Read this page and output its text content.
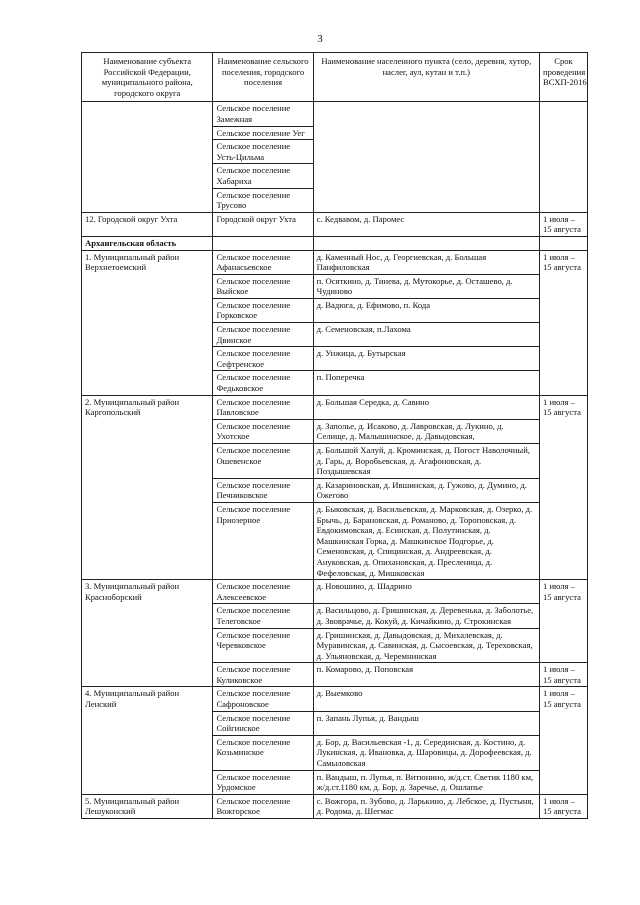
3
Наименование субъекта Российской Федерации, муниципального района, городского округа	Наименование сельского поселения, городского поселения	Наименование населенного пункта (село, деревня, хутор, наслег, аул, кутан и т.п.)	Срок проведения ВСХП-2016
	Сельское поселение Замежная		
	Сельское поселение Уег		
	Сельское поселение Усть-Цильма		
	Сельское поселение Хабариха		
	Сельское поселение Трусово		
12. Городской округ Ухта	Городской округ Ухта	с. Кедвавом, д. Паромес	1 июля – 15 августа
Архангельская область			
1. Муниципальный район Верхнетоемский	Сельское поселение Афанасьевское	д. Каменный Нос, д. Георгиевская, д. Большая Панфиловская	1 июля – 15 августа
	Сельское поселение Выйское	п. Осяткино, д. Тинева, д. Мутокорье, д. Осташево, д. Чудиново	
	Сельское поселение Горковское	д. Вадюга, д. Ефимово, п. Кода	
	Сельское поселение Двинское	д. Семеновская, п.Лахома	
	Сельское поселение Сефтренское	д. Унжица, д. Бутырская	
	Сельское поселение Федьковское	п. Поперечка	
2. Муниципальный район Каргопольский	Сельское поселение Павловское	д. Большая Середка, д. Савино	1 июля – 15 августа
	Сельское поселение Ухотское	д. Заполье, д. Исаково, д. Лавровская, д. Лукино, д. Селище, д. Малышинское, д. Давыдовская,	
	Сельское поселение Ошевенское	д. Большой Халуй, д. Кроминская, д. Погост Наволочный, д. Гарь, д. Воробьевская, д. Агафоновская, д. Поздышевская	
	Сельское поселение Печниковское	д. Казариновская, д. Ившинская, д. Гужово, д. Думино, д. Ожегово	
	Сельское поселение Приозерное	д. Быковская, д. Васильевская, д. Марковская, д. Озерко, д. Брычь, д. Барановская, д. Романово, д. Тороповская, д. Евдокимовская, д. Есинская, д. Полутинская, д. Машкинская Горка, д. Машкинское Подгорье, д. Семеновская, д. Спицинская, д. Андреевская, д. Ануковская, д. Опихановская, д. Пресленица, д. Фефеловская, д. Мишковская	
3. Муниципальный район Красноборский	Сельское поселение Алексеевское	д. Новошино, д. Шадрино	1 июля – 15 августа
	Сельское поселение Телеговское	д. Васильцово, д. Гришинская, д. Деревенька, д. Заболотье, д. Звоврачье, д. Кокуй, д. Кичайкино, д. Строкинская	
	Сельское поселение Черевковское	д. Гришинская, д. Давыдовская, д. Михалевская, д. Муравинская, д. Савинская, д. Сысоевская, д. Тереховская, д. Ульяновская, д. Черемнинская	
	Сельское поселение Куликовское	п. Комарово, д. Поповская	1 июля – 15 августа
4. Муниципальный район Ленский	Сельское поселение Сафроновское	д. Выемково	1 июля – 15 августа
	Сельское поселение Сойгинское	п. Запань Лупья, д. Вандыш	
	Сельское поселение Козьминское	д. Бор, д. Васильевская -1, д. Серединская, д. Костино, д. Лукинская, д. Ивановка, д. Шаровицы, д. Дорофеевская, д. Самыловская	
	Сельское поселение Урдомское	п. Вандыш, п. Лупья, п. Витюнино, ж/д.ст. Светик 1180 км, ж/д.ст.1180 км, д. Бор, д. Заречье, д. Ошлапье	
5. Муниципальный район Лешуконский	Сельское поселение Вожгорское	с. Вожгора, п. Зубово, д. Ларькино, д. Лебское, д. Пустыня, д. Родома, д. Шегмас	1 июля – 15 августа
